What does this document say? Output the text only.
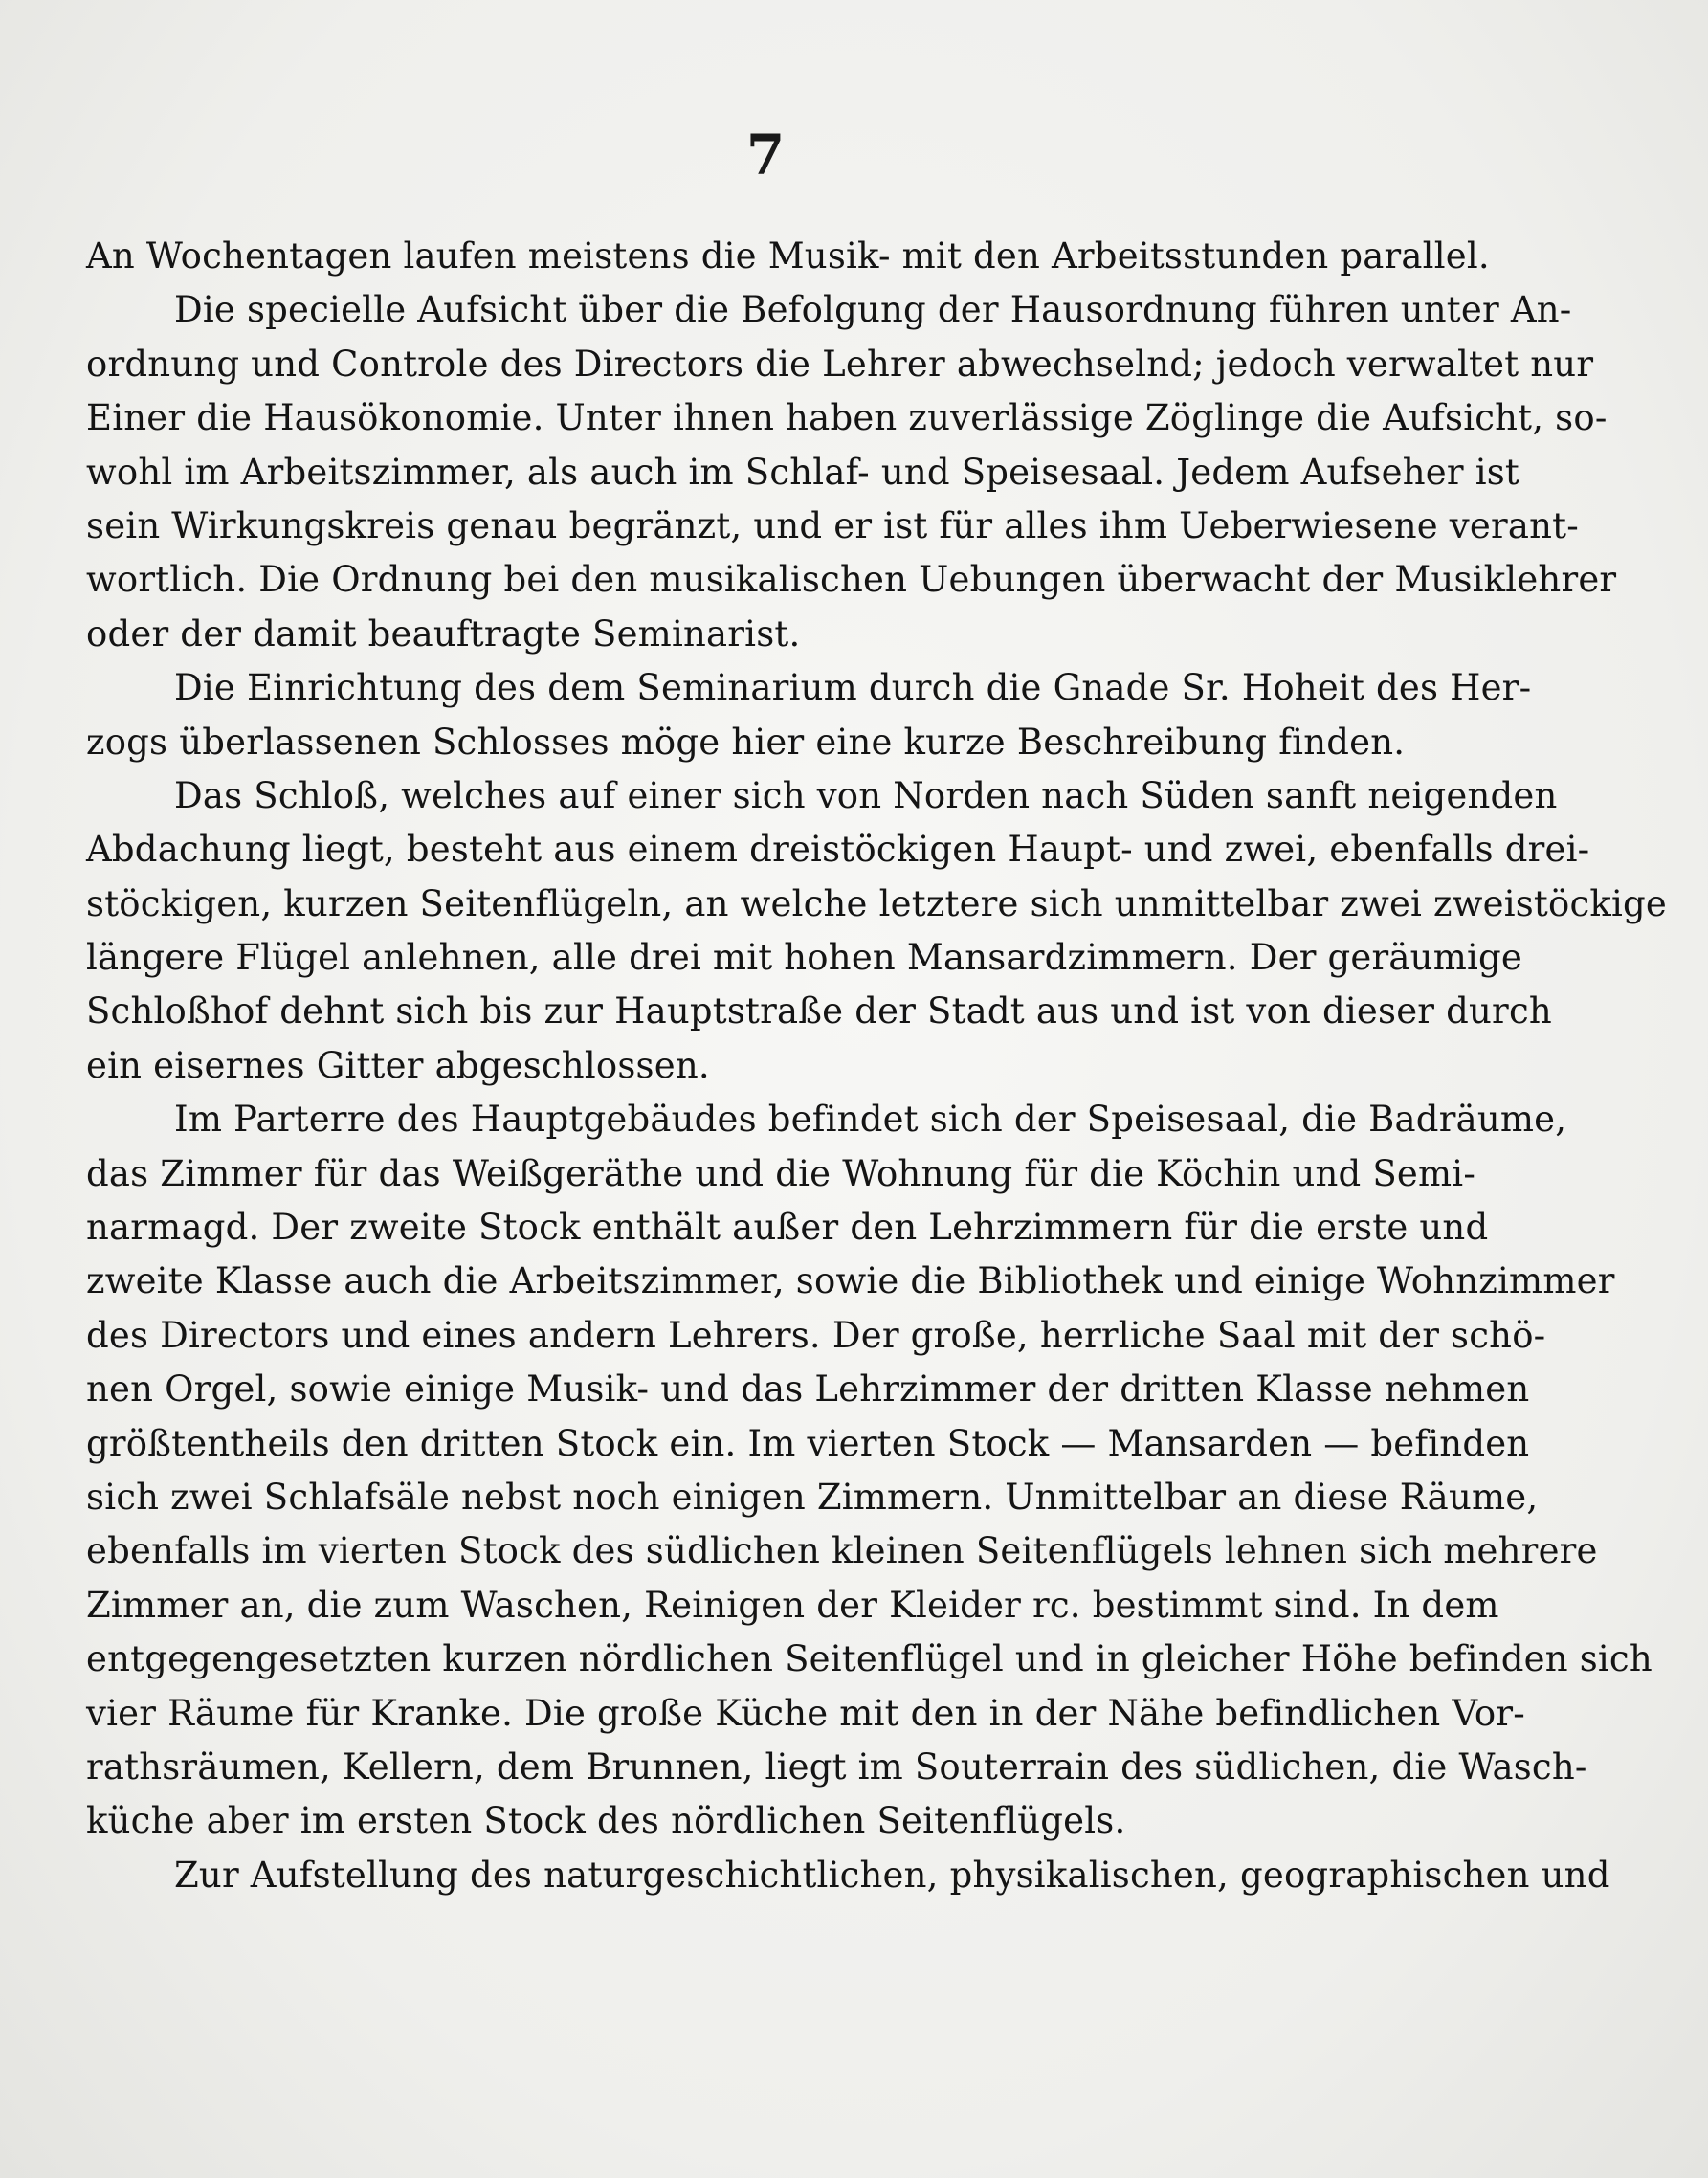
7
An Wochentagen laufen meistens die Musik- mit den Arbeitsstunden parallel.
Die specielle Aufsicht über die Befolgung der Hausordnung führen unter An-
ordnung und Controle des Directors die Lehrer abwechselnd; jedoch verwaltet nur
Einer die Hausökonomie. Unter ihnen haben zuverlässige Zöglinge die Aufsicht, so-
wohl im Arbeitszimmer, als auch im Schlaf- und Speisesaal. Jedem Aufseher ist
sein Wirkungskreis genau begränzt, und er ist für alles ihm Ueberwiesene verant-
wortlich. Die Ordnung bei den musikalischen Uebungen überwacht der Musiklehrer
oder der damit beauftragte Seminarist.
Die Einrichtung des dem Seminarium durch die Gnade Sr. Hoheit des Her-
zogs überlassenen Schlosses möge hier eine kurze Beschreibung finden.
Das Schloß, welches auf einer sich von Norden nach Süden sanft neigenden
Abdachung liegt, besteht aus einem dreistöckigen Haupt- und zwei, ebenfalls drei-
stöckigen, kurzen Seitenflügeln, an welche letztere sich unmittelbar zwei zweistöckige
längere Flügel anlehnen, alle drei mit hohen Mansardzimmern. Der geräumige
Schloßhof dehnt sich bis zur Hauptstraße der Stadt aus und ist von dieser durch
ein eisernes Gitter abgeschlossen.
Im Parterre des Hauptgebäudes befindet sich der Speisesaal, die Badräume,
das Zimmer für das Weißgeräthe und die Wohnung für die Köchin und Semi-
narmagd. Der zweite Stock enthält außer den Lehrzimmern für die erste und
zweite Klasse auch die Arbeitszimmer, sowie die Bibliothek und einige Wohnzimmer
des Directors und eines andern Lehrers. Der große, herrliche Saal mit der schö-
nen Orgel, sowie einige Musik- und das Lehrzimmer der dritten Klasse nehmen
größtentheils den dritten Stock ein. Im vierten Stock — Mansarden — befinden
sich zwei Schlafsäle nebst noch einigen Zimmern. Unmittelbar an diese Räume,
ebenfalls im vierten Stock des südlichen kleinen Seitenflügels lehnen sich mehrere
Zimmer an, die zum Waschen, Reinigen der Kleider rc. bestimmt sind. In dem
entgegengesetzten kurzen nördlichen Seitenflügel und in gleicher Höhe befinden sich
vier Räume für Kranke. Die große Küche mit den in der Nähe befindlichen Vor-
rathsräumen, Kellern, dem Brunnen, liegt im Souterrain des südlichen, die Wasch-
küche aber im ersten Stock des nördlichen Seitenflügels.
Zur Aufstellung des naturgeschichtlichen, physikalischen, geographischen und
